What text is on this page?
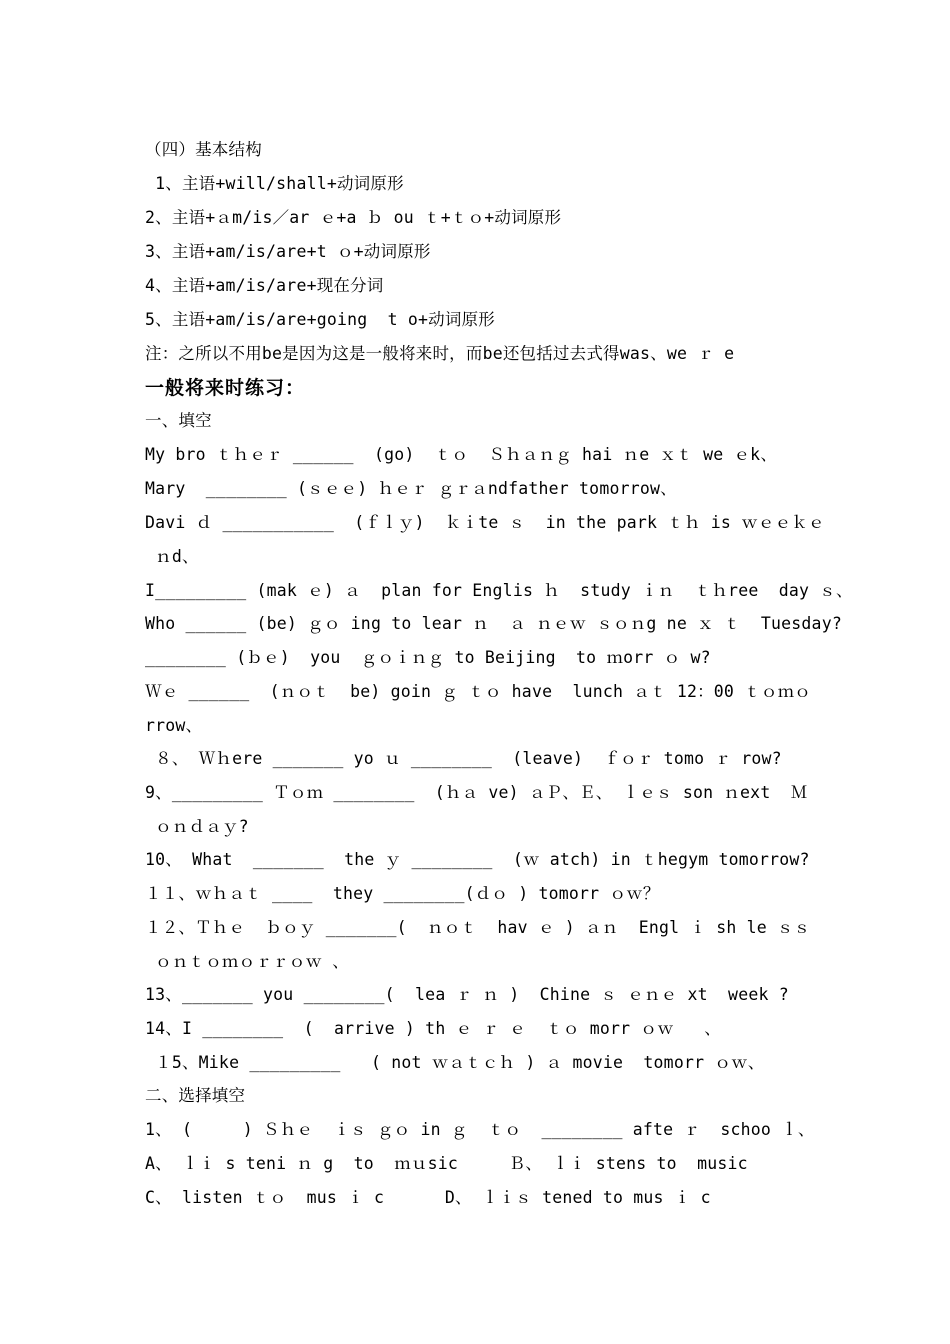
（四）基本结构
1、主语+will/shall+动词原形
2、主语+ａm/is／ar ｅ+a ｂ ou ｔ+ｔｏ+动词原形
3、主语+am/is/are+t ｏ+动词原形
4、主语+am/is/are+现在分词
5、主语+am/is/are+going  t o+动词原形
注：之所以不用be是因为这是一般将来时，而be还包括过去式得was、we ｒ e
一般将来时练习：
一、填空
My bro ｔｈｅｒ ______  (go)  ｔｏ  Ｓｈａｎｇ hai ｎe ｘｔ we ｅk、
Mary  ________ (ｓｅｅ) ｈｅｒ ｇｒａndfather tomorrow、
Davi ｄ ___________  (ｆｌｙ)  ｋｉte ｓ  in the park ｔｈ is ｗｅｅｋｅ
ｎd、
I_________ (mak ｅ) ａ  plan for Englis ｈ  study ｉｎ  ｔｈree  day ｓ、
Who ______ (be) ｇｏ ing to lear ｎ  ａ ｎｅｗ ｓｏｎg ne ｘ ｔ  Tuesday?
________ (ｂｅ)  you  ｇｏｉｎｇ to Beijing  to ｍorr ｏ w?
Ｗｅ ______  (ｎｏｔ  be) goin ｇ ｔｏ have  lunch ａｔ 12：00 ｔｏｍｏ
rrow、
８、 Ｗｈere _______ yo ｕ ________  (leave)  ｆｏｒ tomo ｒ row?
9、_________ Ｔｏｍ ________  (ｈａ ve) ａＰ、Ｅ、 ｌｅｓ son ｎext  Ｍ
ｏｎｄａｙ?
10、 What  _______  the ｙ ________  (ｗ atch) in ｔhegym tomorrow?
１１、ｗｈａｔ ____  they ________(ｄｏ ) tomorr ｏｗ？
１２、Ｔｈｅ  ｂｏｙ _______(  ｎｏｔ  hav ｅ ) ａｎ  Engl ｉ sh le ｓｓ
ｏｎｔｏｍｏｒｒｏｗ 、
13、_______ you ________(  lea ｒ ｎ )  Chine ｓ ｅｎｅ xt  week ?
14、I ________  (  arrive ) th ｅ ｒ ｅ  ｔｏ morr ｏｗ   、
１5、Mike _________   ( not ｗａｔｃｈ ) ａ movie  tomorr ｏｗ、
二、选择填空
1、 (     ) Ｓｈｅ  ｉｓ ｇｏ in ｇ  ｔｏ  ________ afte ｒ  schoo ｌ、
A、 ｌｉ s teni ｎ g  to  ｍｕsic     Ｂ、 ｌｉ stens to  music
C、 listen ｔｏ  mus ｉ c      D、 ｌｉｓ tened to mus ｉ c
